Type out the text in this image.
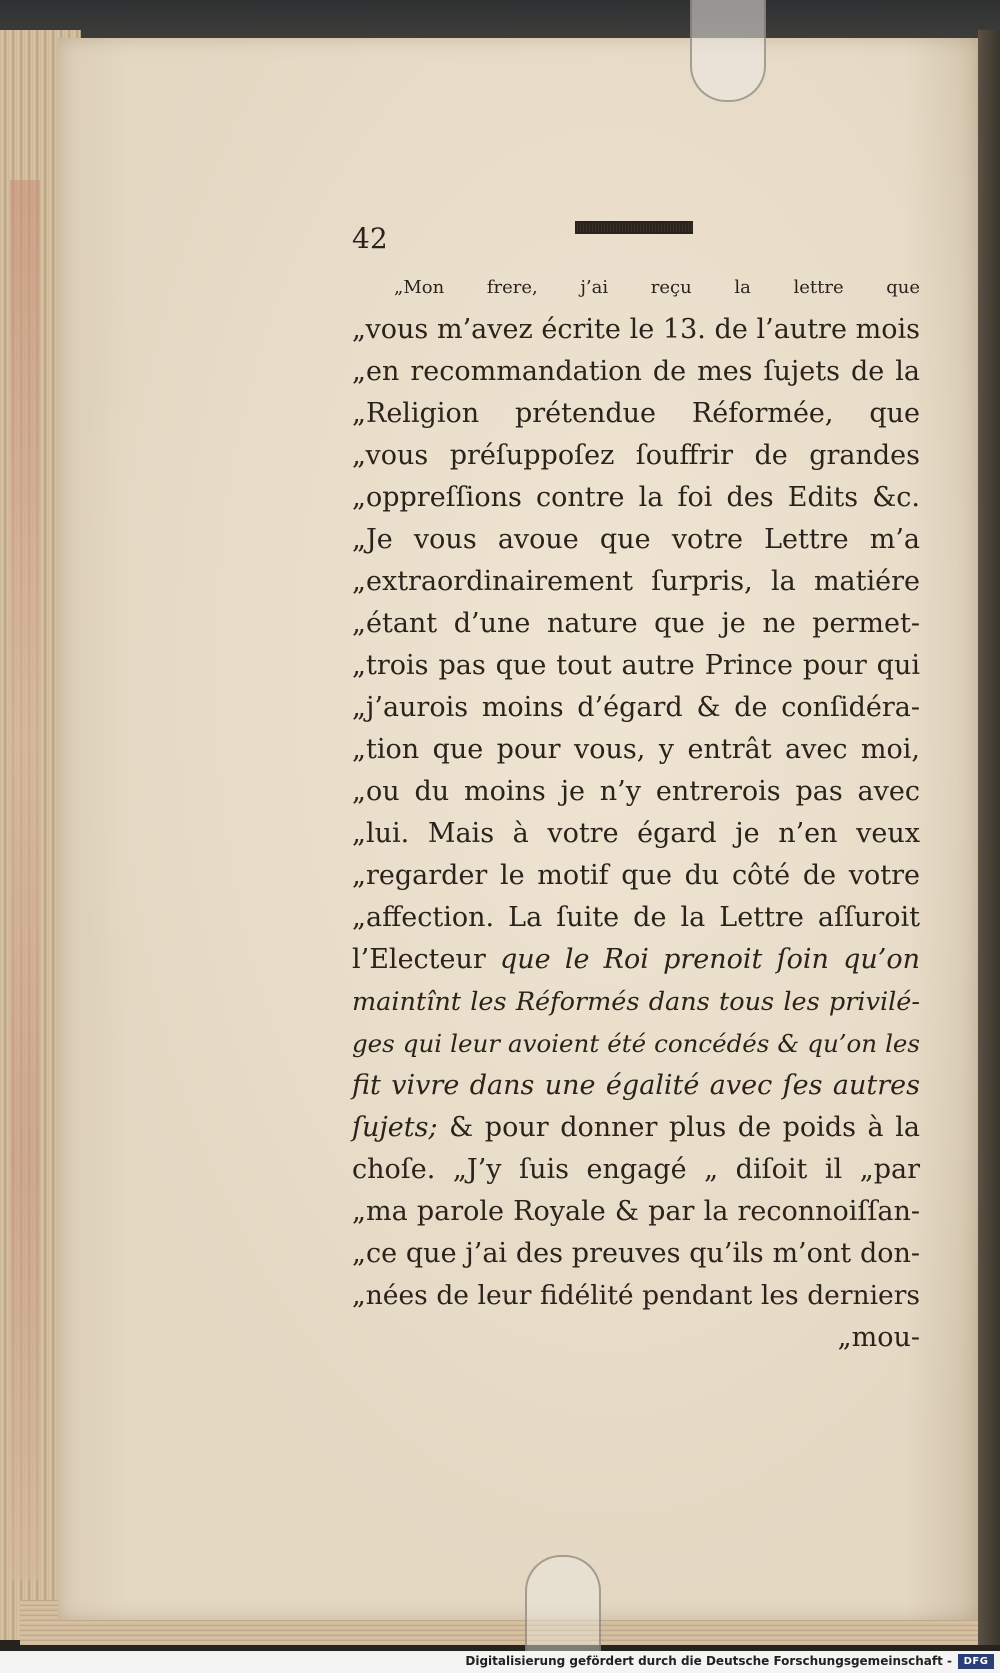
42
„Mon frere, j’ai reçu la lettre que
„vous m’avez écrite le 13. de l’autre mois
„en recommandation de mes ſujets de la
„Religion prétendue Réformée, que
„vous préſuppoſez ſouffrir de grandes
„oppreſſions contre la foi des Edits &c.
„Je vous avoue que votre Lettre m’a
„extraordinairement ſurpris, la matiére
„étant d’une nature que je ne permet-
„trois pas que tout autre Prince pour qui
„j’aurois moins d’égard & de conſidéra-
„tion que pour vous, y entrât avec moi,
„ou du moins je n’y entrerois pas avec
„lui. Mais à votre égard je n’en veux
„regarder le motif que du côté de votre
„affection. La ſuite de la Lettre aſſuroit
l’Electeur que le Roi prenoit ſoin qu’on
maintînt les Réformés dans tous les privilé-
ges qui leur avoient été concédés & qu’on les
fit vivre dans une égalité avec ſes autres
ſujets; & pour donner plus de poids à la
choſe. „J’y ſuis engagé „ diſoit il „par
„ma parole Royale & par la reconnoiſſan-
„ce que j’ai des preuves qu’ils m’ont don-
„nées de leur fidélité pendant les derniers
„mou-
Digitalisierung gefördert durch die Deutsche Forschungsgemeinschaft -	DFG
